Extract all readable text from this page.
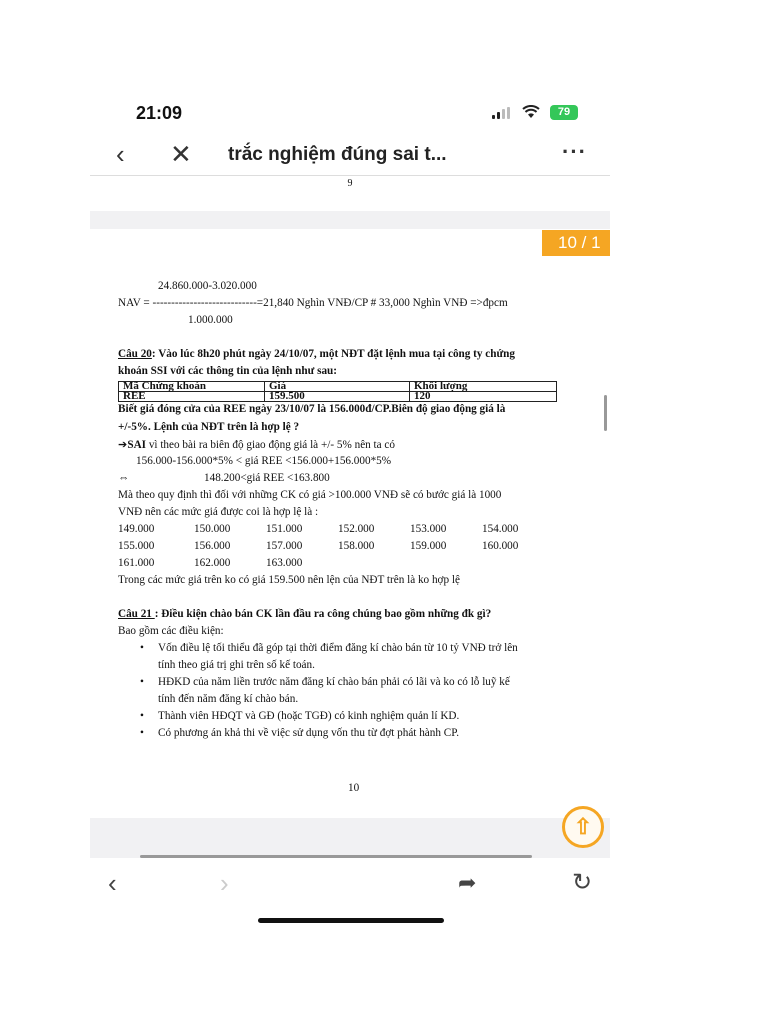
21:09	79
‹ ✕ trắc nghiệm đúng sai t...	···
9
10 / 1
24.860.000-3.020.000
NAV = ----------------------------=21,840 Nghìn VNĐ/CP # 33,000 Nghìn VNĐ =>đpcm
1.000.000
Câu 20: Vào lúc 8h20 phút ngày 24/10/07, một NĐT đặt lệnh mua tại công ty chứng
khoán SSI với các thông tin của lệnh như sau:
Mã Chứng khoán	Giá	Khối lượng
REE	159.500	120
Biết giá đóng cửa của REE ngày 23/10/07 là 156.000đ/CP.Biên độ giao động giá là
+/-5%. Lệnh của NĐT trên là hợp lệ ?
➔SAI vì theo bài ra biên độ giao động giá là +/- 5% nên ta có
156.000-156.000*5% < giá REE <156.000+156.000*5%
⇔	148.200<giá REE <163.800
Mà theo quy định thì đối với những CK có giá >100.000 VNĐ sẽ có bước giá là 1000
VNĐ nên các mức giá được coi là hợp lệ là :
149.000	150.000	151.000	152.000	153.000	154.000
155.000	156.000	157.000	158.000	159.000	160.000
161.000	162.000	163.000
Trong các mức giá trên ko có giá 159.500 nên lện của NĐT trên là ko hợp lệ
Câu 21 : Điều kiện chào bán CK lần đầu ra công chúng bao gồm những đk gì?
Bao gồm các điều kiện:
• Vốn điều lệ tối thiểu đã góp tại thời điểm đăng kí chào bán từ 10 tỷ VNĐ trở lên
tính theo giá trị ghi trên số kế toán.
• HĐKD của năm liền trước năm đăng kí chào bán phải có lãi và ko có lỗ luỹ kế
tính đến năm đăng kí chào bán.
• Thành viên HĐQT và GĐ (hoặc TGĐ) có kinh nghiệm quản lí KD.
• Có phương án khả thi về việc sử dụng vốn thu từ đợt phát hành CP.
10
⇧
‹	›	➦	↻
